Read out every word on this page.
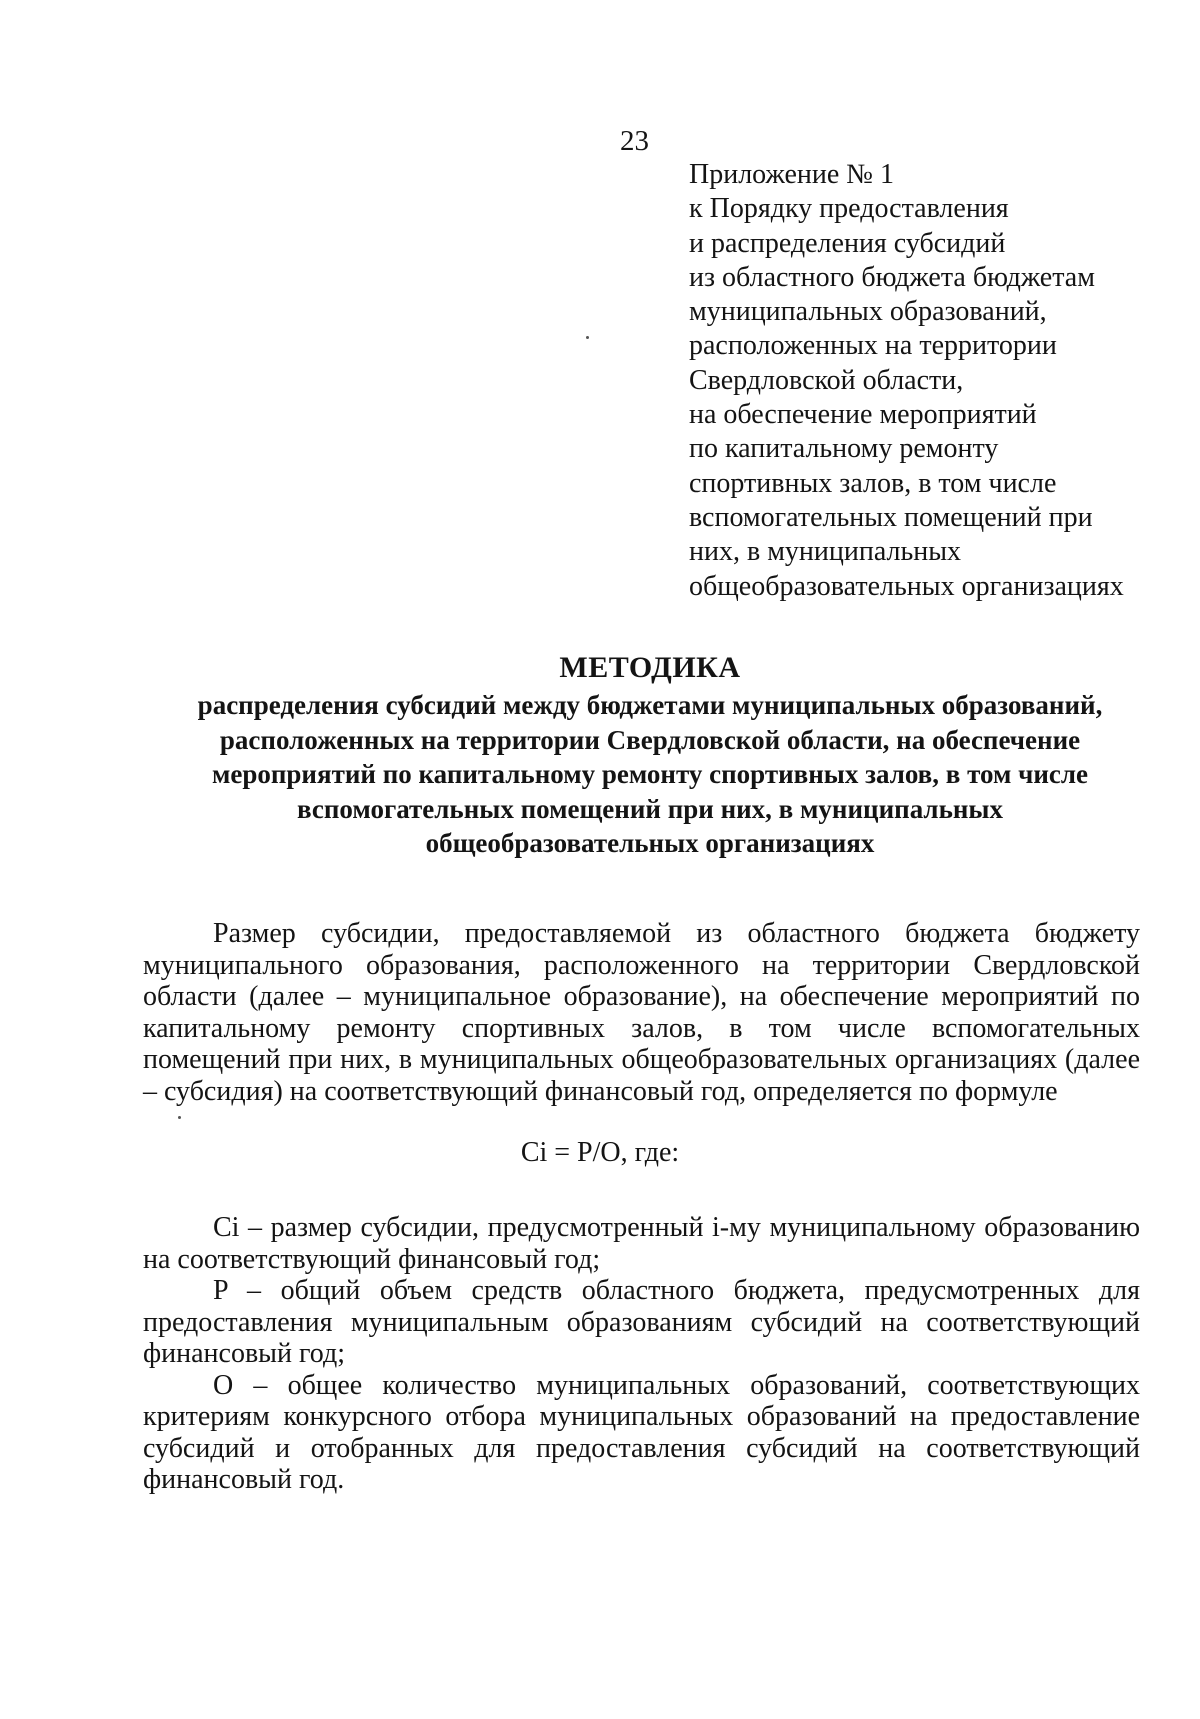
23
Приложение № 1
к Порядку предоставления
и распределения субсидий
из областного бюджета бюджетам
муниципальных образований,
расположенных на территории
Свердловской области,
на обеспечение мероприятий
по капитальному ремонту
спортивных залов, в том числе
вспомогательных помещений при
них, в муниципальных
общеобразовательных организациях
МЕТОДИКА
распределения субсидий между бюджетами муниципальных образований,
расположенных на территории Свердловской области, на обеспечение
мероприятий по капитальному ремонту спортивных залов, в том числе
вспомогательных помещений при них, в муниципальных
общеобразовательных организациях

Размер субсидии, предоставляемой из областного бюджета бюджету муниципального образования, расположенного на территории Свердловской области (далее – муниципальное образование), на обеспечение мероприятий по капитальному ремонту спортивных залов, в том числе вспомогательных помещений при них, в муниципальных общеобразовательных организациях (далее – субсидия) на соответствующий финансовый год, определяется по формуле

Сi = P/O, где:

Сi – размер субсидии, предусмотренный i-му муниципальному образованию на соответствующий финансовый год;

P – общий объем средств областного бюджета, предусмотренных для предоставления муниципальным образованиям субсидий на соответствующий финансовый год;

О – общее количество муниципальных образований, соответствующих критериям конкурсного отбора муниципальных образований на предоставление субсидий и отобранных для предоставления субсидий на соответствующий финансовый год.
